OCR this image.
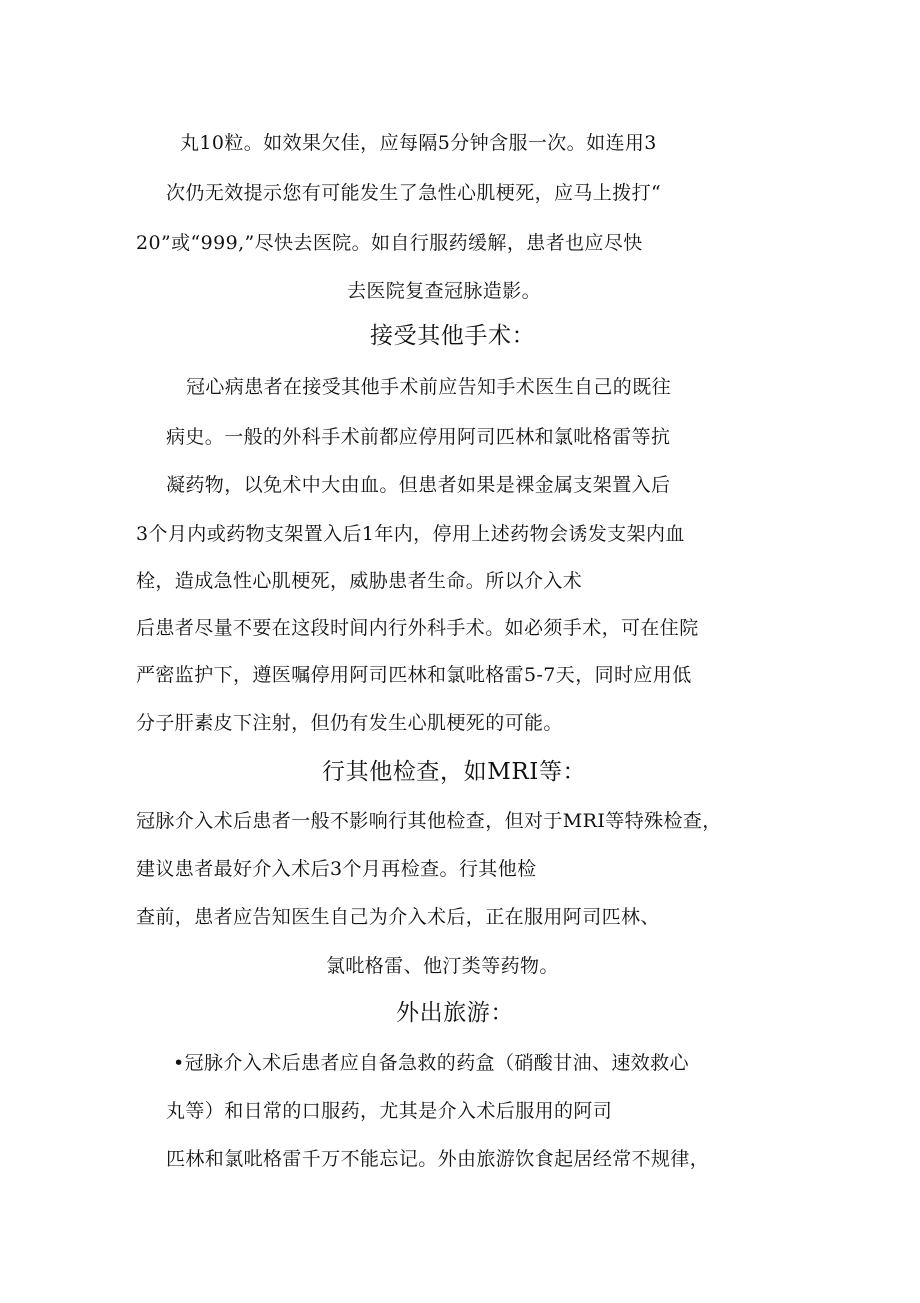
丸10粒。如效果欠佳，应每隔5分钟含服一次。如连用3
次仍无效提示您有可能发生了急性心肌梗死，应马上拨打“
20”或“999,”尽快去医院。如自行服药缓解，患者也应尽快
去医院复查冠脉造影。
接受其他手术：
冠心病患者在接受其他手术前应告知手术医生自己的既往
病史。一般的外科手术前都应停用阿司匹林和氯吡格雷等抗
凝药物，以免术中大由血。但患者如果是裸金属支架置入后
3个月内或药物支架置入后1年内，停用上述药物会诱发支架内血
栓，造成急性心肌梗死，威胁患者生命。所以介入术
后患者尽量不要在这段时间内行外科手术。如必须手术，可在住院
严密监护下，遵医嘱停用阿司匹林和氯吡格雷5-7天，同时应用低
分子肝素皮下注射，但仍有发生心肌梗死的可能。
行其他检查，如MRI等：
冠脉介入术后患者一般不影响行其他检查，但对于MRI等特殊检查，
建议患者最好介入术后3个月再检查。行其他检
查前，患者应告知医生自己为介入术后，正在服用阿司匹林、
氯吡格雷、他汀类等药物。
外出旅游：
•冠脉介入术后患者应自备急救的药盒（硝酸甘油、速效救心
丸等）和日常的口服药，尤其是介入术后服用的阿司
匹林和氯吡格雷千万不能忘记。外由旅游饮食起居经常不规律，
